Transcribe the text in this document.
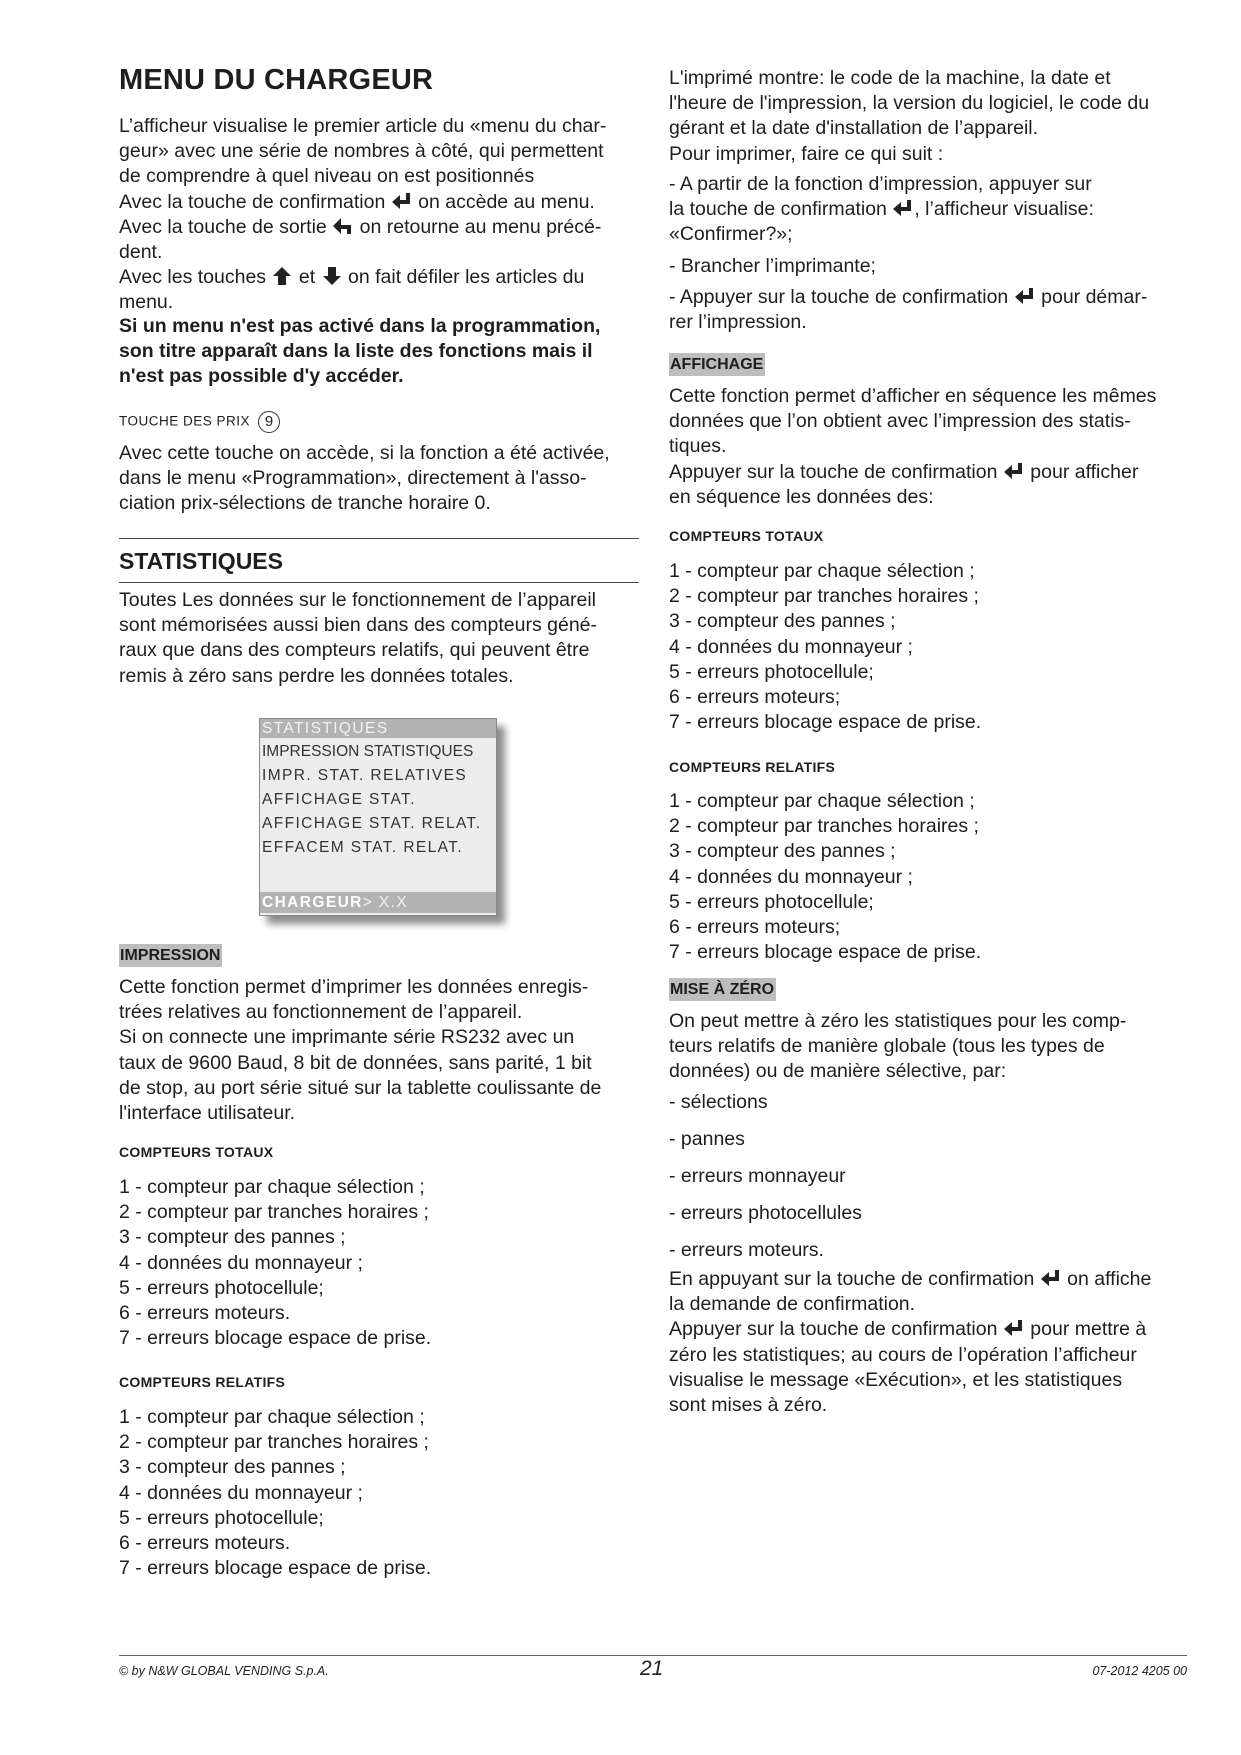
MENU DU CHARGEUR
L’afficheur visualise le premier article du «menu du char-
geur» avec une série de nombres à côté, qui permettent
de comprendre à quel niveau on est positionnés
Avec la touche de confirmation on accède au menu.
Avec la touche de sortie on retourne au menu précé-
dent.
Avec les touches et on fait défiler les articles du
menu.
Si un menu n'est pas activé dans la programmation,
son titre apparaît dans la liste des fonctions mais il
n'est pas possible d'y accéder.
TOUCHE DES PRIX 9
Avec cette touche on accède, si la fonction a été activée,
dans le menu «Programmation», directement à l'asso-
ciation prix-sélections de tranche horaire 0.
STATISTIQUES
Toutes Les données sur le fonctionnement de l’appareil
sont mémorisées aussi bien dans des compteurs géné-
raux que dans des compteurs relatifs, qui peuvent être
remis à zéro sans perdre les données totales.
IMPRESSION
Cette fonction permet d’imprimer les données enregis-
trées relatives au fonctionnement de l’appareil.
Si on connecte une imprimante série RS232 avec un
taux de 9600 Baud, 8 bit de données, sans parité, 1 bit
de stop, au port série situé sur la tablette coulissante de
l'interface utilisateur.
COMPTEURS TOTAUX
1 - compteur par chaque sélection ;
2 - compteur par tranches horaires ;
3 - compteur des pannes ;
4 - données du monnayeur ;
5 - erreurs photocellule;
6 - erreurs moteurs.
7 - erreurs blocage espace de prise.
COMPTEURS RELATIFS
1 - compteur par chaque sélection ;
2 - compteur par tranches horaires ;
3 - compteur des pannes ;
4 - données du monnayeur ;
5 - erreurs photocellule;
6 - erreurs moteurs.
7 - erreurs blocage espace de prise.
STATISTIQUES
IMPRESSION STATISTIQUES
IMPR. STAT. RELATIVES
AFFICHAGE STAT.
AFFICHAGE STAT. RELAT.
EFFACEM STAT. RELAT.
CHARGEUR> X.X
L'imprimé montre: le code de la machine, la date et
l'heure de l'impression, la version du logiciel, le code du
gérant et la date d'installation de l’appareil.
Pour imprimer, faire ce qui suit :
- A partir de la fonction d’impression, appuyer sur
la touche de confirmation , l’afficheur visualise:
«Confirmer?»;
- Brancher l’imprimante;
- Appuyer sur la touche de confirmation pour démar-
rer l’impression.
AFFICHAGE
Cette fonction permet d’afficher en séquence les mêmes
données que l’on obtient avec l’impression des statis-
tiques.
Appuyer sur la touche de confirmation pour afficher
en séquence les données des:
COMPTEURS TOTAUX
1 - compteur par chaque sélection ;
2 - compteur par tranches horaires ;
3 - compteur des pannes ;
4 - données du monnayeur ;
5 - erreurs photocellule;
6 - erreurs moteurs;
7 - erreurs blocage espace de prise.
COMPTEURS RELATIFS
1 - compteur par chaque sélection ;
2 - compteur par tranches horaires ;
3 - compteur des pannes ;
4 - données du monnayeur ;
5 - erreurs photocellule;
6 - erreurs moteurs;
7 - erreurs blocage espace de prise.
MISE À ZÉRO
On peut mettre à zéro les statistiques pour les comp-
teurs relatifs de manière globale (tous les types de
données) ou de manière sélective, par:
- sélections
- pannes
- erreurs monnayeur
- erreurs photocellules
- erreurs moteurs.
En appuyant sur la touche de confirmation on affiche
la demande de confirmation.
Appuyer sur la touche de confirmation pour mettre à
zéro les statistiques; au cours de l’opération l’afficheur
visualise le message «Exécution», et les statistiques
sont mises à zéro.
© by N&W GLOBAL VENDING S.p.A.	21	07-2012 4205 00
